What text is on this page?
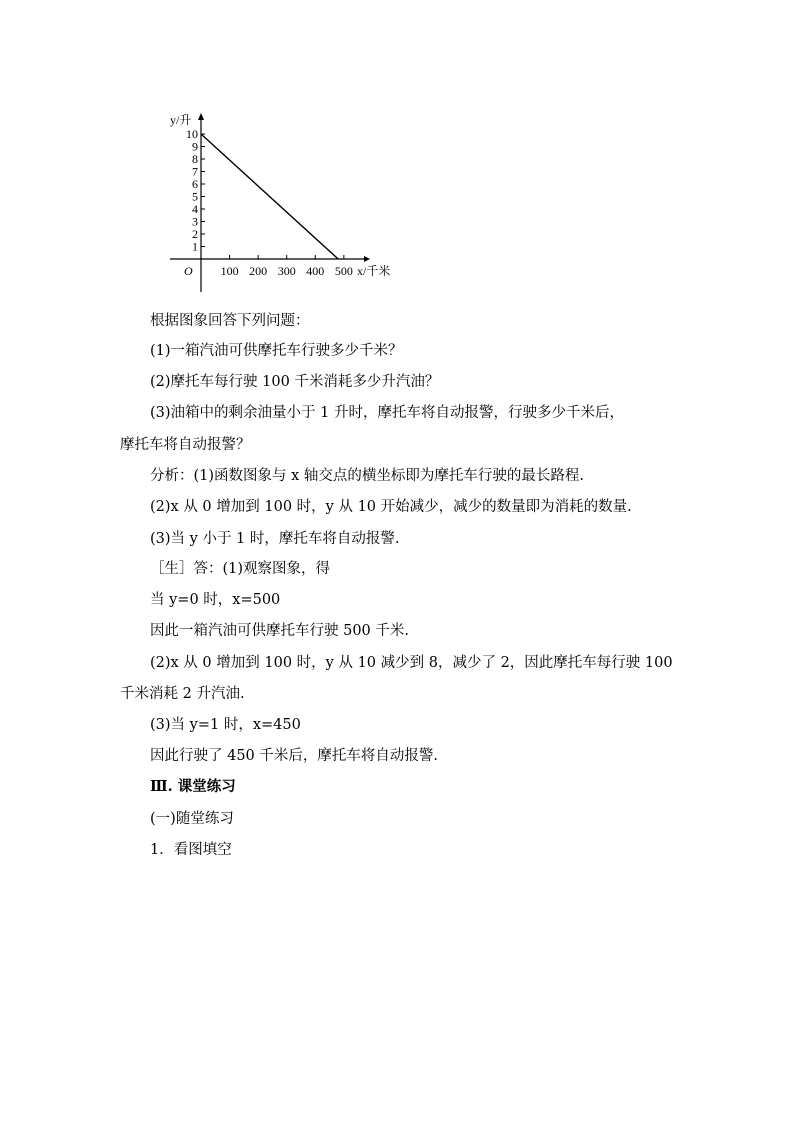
1
2
3
4
5
6
7
8
9
10
100 200 300 400 500
y/升
x/千米
O
根据图象回答下列问题：
(1)一箱汽油可供摩托车行驶多少千米？
(2)摩托车每行驶 100 千米消耗多少升汽油？
(3)油箱中的剩余油量小于 1 升时，摩托车将自动报警，行驶多少千米后，
摩托车将自动报警？
分析：(1)函数图象与 x 轴交点的横坐标即为摩托车行驶的最长路程.
(2)x 从 0 增加到 100 时，y 从 10 开始减少，减少的数量即为消耗的数量.
(3)当 y 小于 1 时，摩托车将自动报警.
［生］答：(1)观察图象，得
当 y=0 时，x=500
因此一箱汽油可供摩托车行驶 500 千米.
(2)x 从 0 增加到 100 时，y 从 10 减少到 8，减少了 2，因此摩托车每行驶 100
千米消耗 2 升汽油.
(3)当 y=1 时，x=450
因此行驶了 450 千米后，摩托车将自动报警.
Ⅲ. 课堂练习
(一)随堂练习
1．看图填空
